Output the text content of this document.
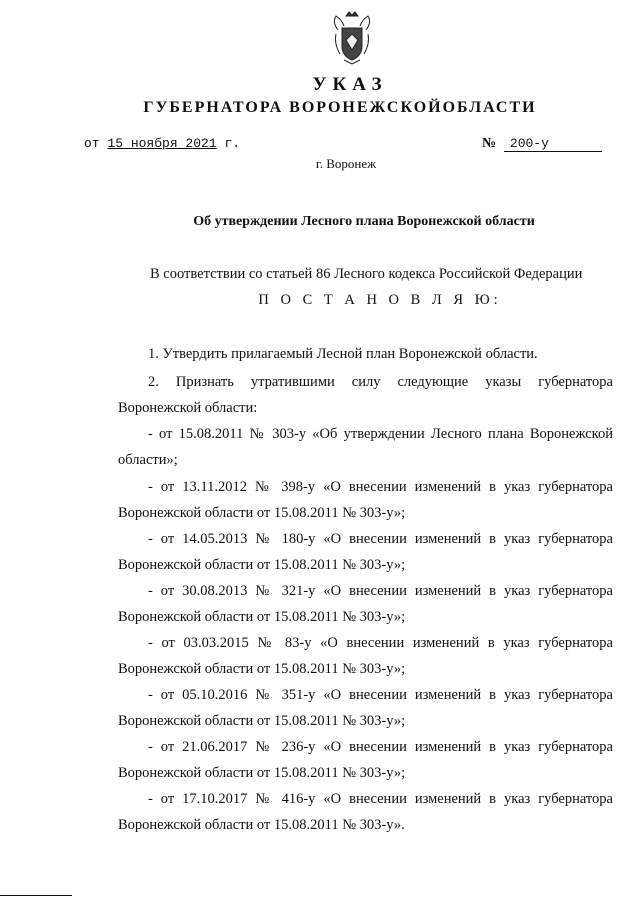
УКАЗ
ГУБЕРНАТОРА ВОРОНЕЖСКОЙОБЛАСТИ
от 15 ноября 2021 г.	№ 200-у
г. Воронеж
Об утверждении Лесного плана Воронежской области
В соответствии со статьей 86 Лесного кодекса Российской Федерации
П О С Т А Н О В Л Я Ю:
1. Утвердить прилагаемый Лесной план Воронежской области.
2. Признать утратившими силу следующие указы губернатора
Воронежской области:
- от 15.08.2011 № 303-у «Об утверждении Лесного плана Воронежской
области»;
- от 13.11.2012 № 398-у «О внесении изменений в указ губернатора
Воронежской области от 15.08.2011 № 303-у»;
- от 14.05.2013 № 180-у «О внесении изменений в указ губернатора
Воронежской области от 15.08.2011 № 303-у»;
- от 30.08.2013 № 321-у «О внесении изменений в указ губернатора
Воронежской области от 15.08.2011 № 303-у»;
- от 03.03.2015 № 83-у «О внесении изменений в указ губернатора
Воронежской области от 15.08.2011 № 303-у»;
- от 05.10.2016 № 351-у «О внесении изменений в указ губернатора
Воронежской области от 15.08.2011 № 303-у»;
- от 21.06.2017 № 236-у «О внесении изменений в указ губернатора
Воронежской области от 15.08.2011 № 303-у»;
- от 17.10.2017 № 416-у «О внесении изменений в указ губернатора
Воронежской области от 15.08.2011 № 303-у».
